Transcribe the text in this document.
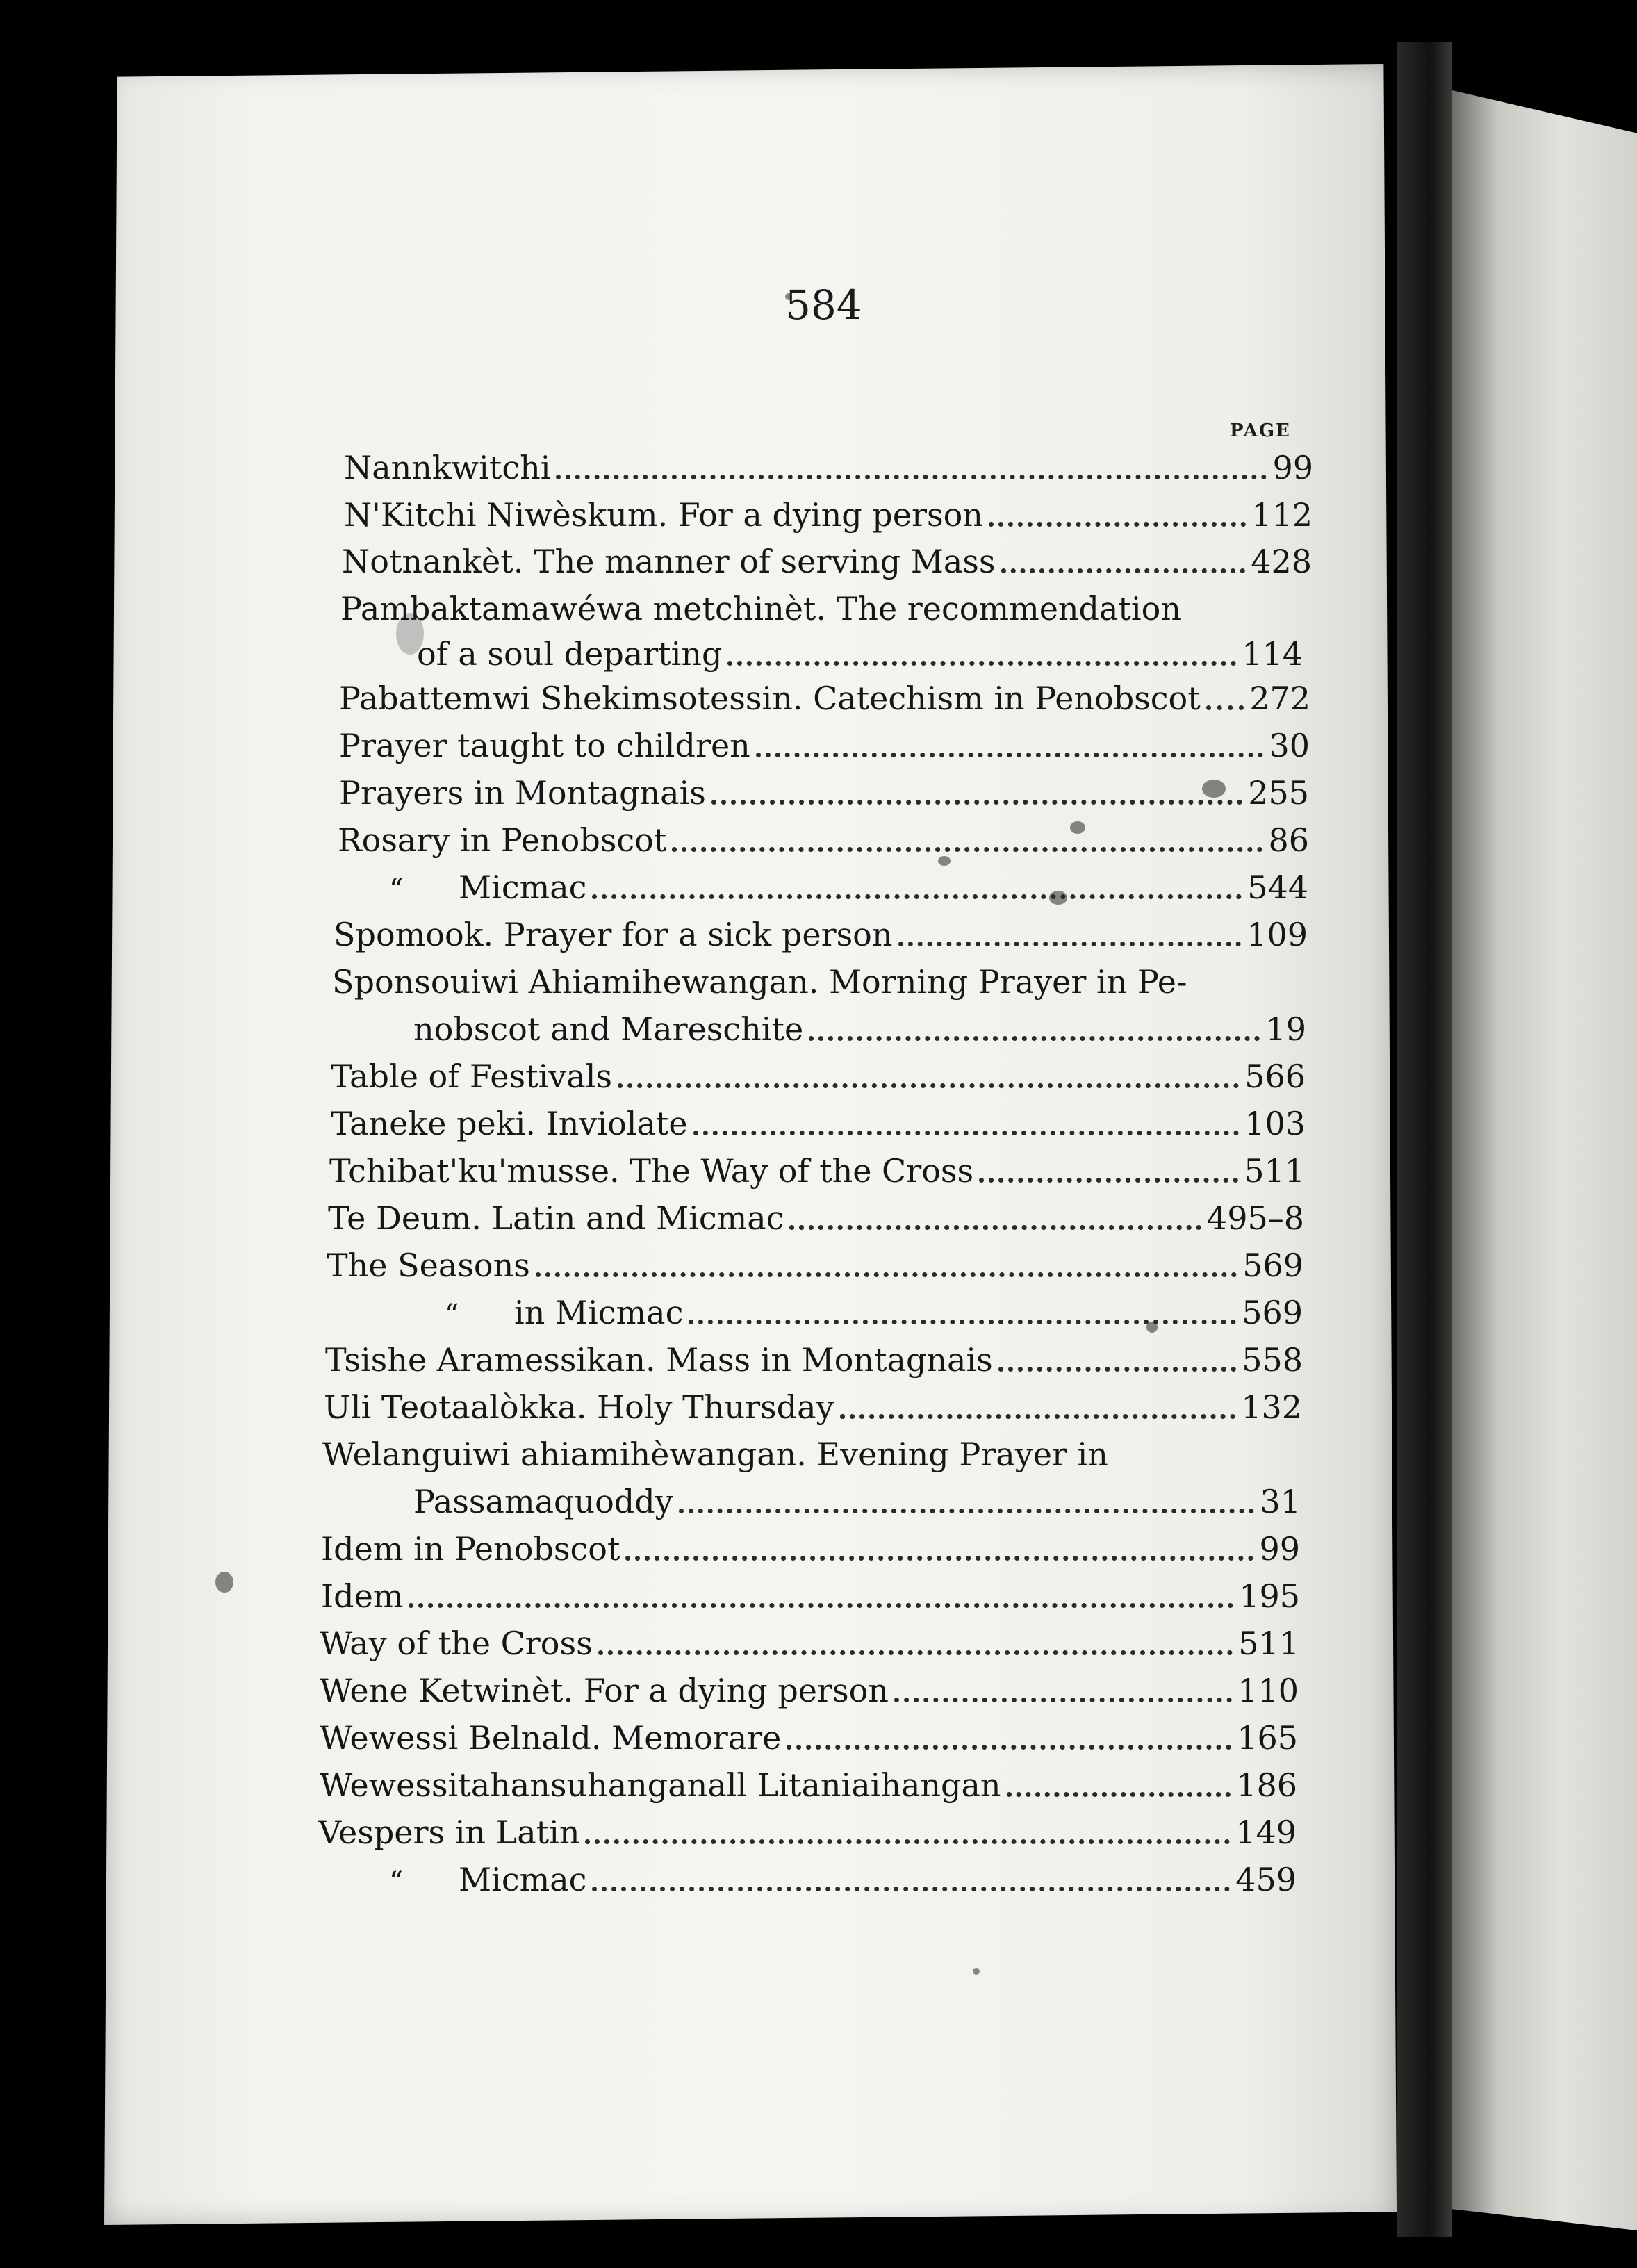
584
PAGE
Nannkwitchi	99
N'Kitchi Niwèskum. For a dying person	112
Notnankèt. The manner of serving Mass	428
Pambaktamawéwa metchinèt. The recommendation
of a soul departing	114
Pabattemwi Shekimsotessin. Catechism in Penobscot 272
Prayer taught to children	30
Prayers in Montagnais	255
Rosary in Penobscot	86
“ Micmac	544
Spomook. Prayer for a sick person	109
Sponsouiwi Ahiamihewangan. Morning Prayer in Pe-
nobscot and Mareschite	19
Table of Festivals	566
Taneke peki. Inviolate	103
Tchibat'ku'musse. The Way of the Cross	511
Te Deum. Latin and Micmac	495–8
The Seasons	569
“ in Micmac	569
Tsishe Aramessikan. Mass in Montagnais	558
Uli Teotaalòkka. Holy Thursday	132
Welanguiwi ahiamihèwangan. Evening Prayer in
Passamaquoddy	31
Idem in Penobscot	99
Idem	195
Way of the Cross	511
Wene Ketwinèt. For a dying person	110
Wewessi Belnald. Memorare	165
Wewessitahansuhanganall Litaniaihangan	186
Vespers in Latin	149
“ Micmac	459
